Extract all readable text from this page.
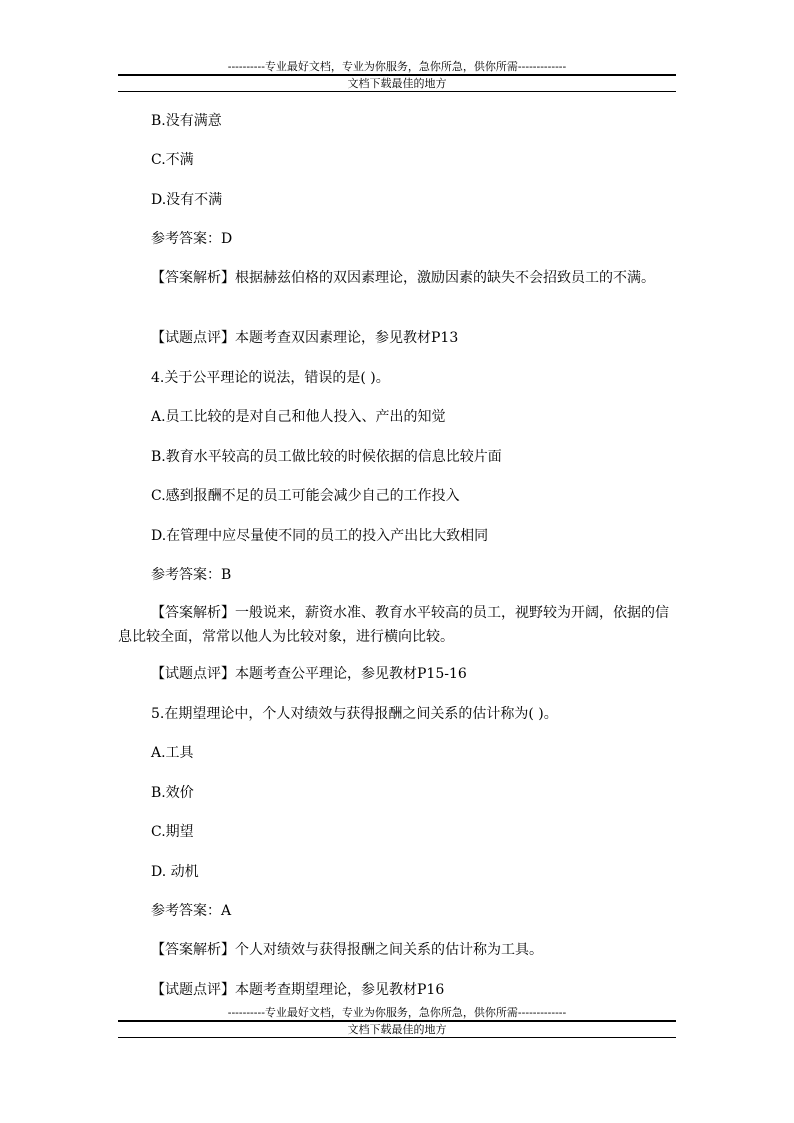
----------专业最好文档，专业为你服务，急你所急，供你所需-------------
文档下载最佳的地方
B.没有满意
C.不满
D.没有不满
参考答案：D
【答案解析】根据赫兹伯格的双因素理论，激励因素的缺失不会招致员工的不满。
【试题点评】本题考查双因素理论，参见教材P13
4.关于公平理论的说法，错误的是( )。
A.员工比较的是对自己和他人投入、产出的知觉
B.教育水平较高的员工做比较的时候依据的信息比较片面
C.感到报酬不足的员工可能会减少自己的工作投入
D.在管理中应尽量使不同的员工的投入产出比大致相同
参考答案：B
【答案解析】一般说来，薪资水准、教育水平较高的员工，视野较为开阔，依据的信息比较全面，常常以他人为比较对象，进行横向比较。
【试题点评】本题考查公平理论，参见教材P15-16
5.在期望理论中，个人对绩效与获得报酬之间关系的估计称为( )。
A.工具
B.效价
C.期望
D. 动机
参考答案：A
【答案解析】个人对绩效与获得报酬之间关系的估计称为工具。
【试题点评】本题考查期望理论，参见教材P16
----------专业最好文档，专业为你服务，急你所急，供你所需-------------
文档下载最佳的地方
